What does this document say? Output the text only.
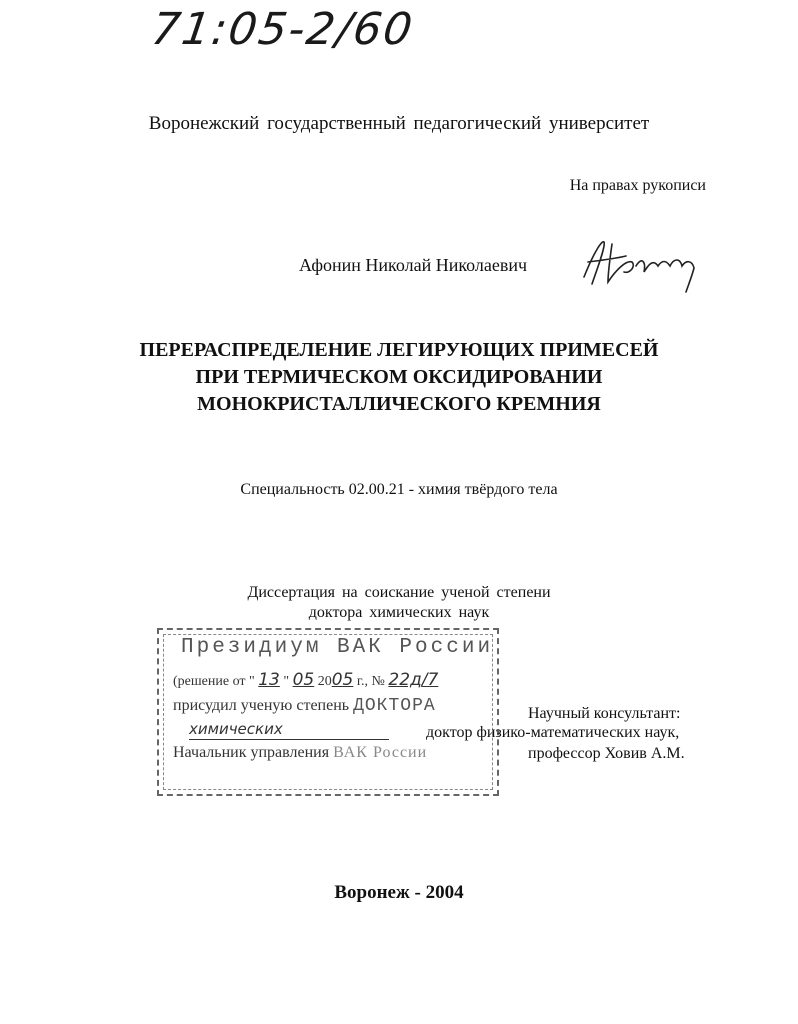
71:05-2/60
Воронежский государственный педагогический университет
На правах рукописи
Афонин Николай Николаевич
ПЕРЕРАСПРЕДЕЛЕНИЕ ЛЕГИРУЮЩИХ ПРИМЕСЕЙ
ПРИ ТЕРМИЧЕСКОМ ОКСИДИРОВАНИИ
МОНОКРИСТАЛЛИЧЕСКОГО КРЕМНИЯ
Специальность 02.00.21 - химия твёрдого тела
Диссертация на соискание ученой степени
доктора химических наук
Президиум ВАК России
(решение от " 13 " 05 2005 г., № 22д/7
присудил ученую степень ДОКТОРА
химических
Начальник управления ВАК России
Научный консультант:
доктор физико-математических наук,
профессор Ховив А.М.
Воронеж - 2004
